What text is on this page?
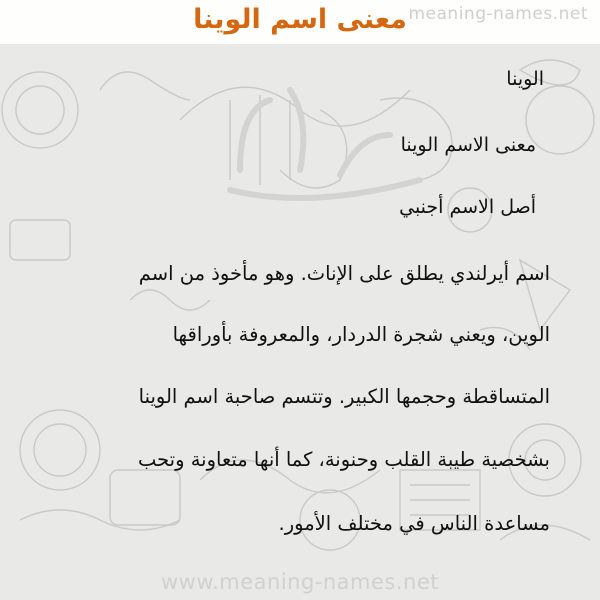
meaning-names.net
معنى اسم الوينا
الوينا
معنى الاسم الوينا
أصل الاسم أجنبي
اسم أيرلندي يطلق على الإناث. وهو مأخوذ من اسم
الوين، ويعني شجرة الدردار، والمعروفة بأوراقها
المتساقطة وحجمها الكبير. وتتسم صاحبة اسم الوينا
بشخصية طيبة القلب وحنونة، كما أنها متعاونة وتحب
مساعدة الناس في مختلف الأمور.
www.meaning-names.net
